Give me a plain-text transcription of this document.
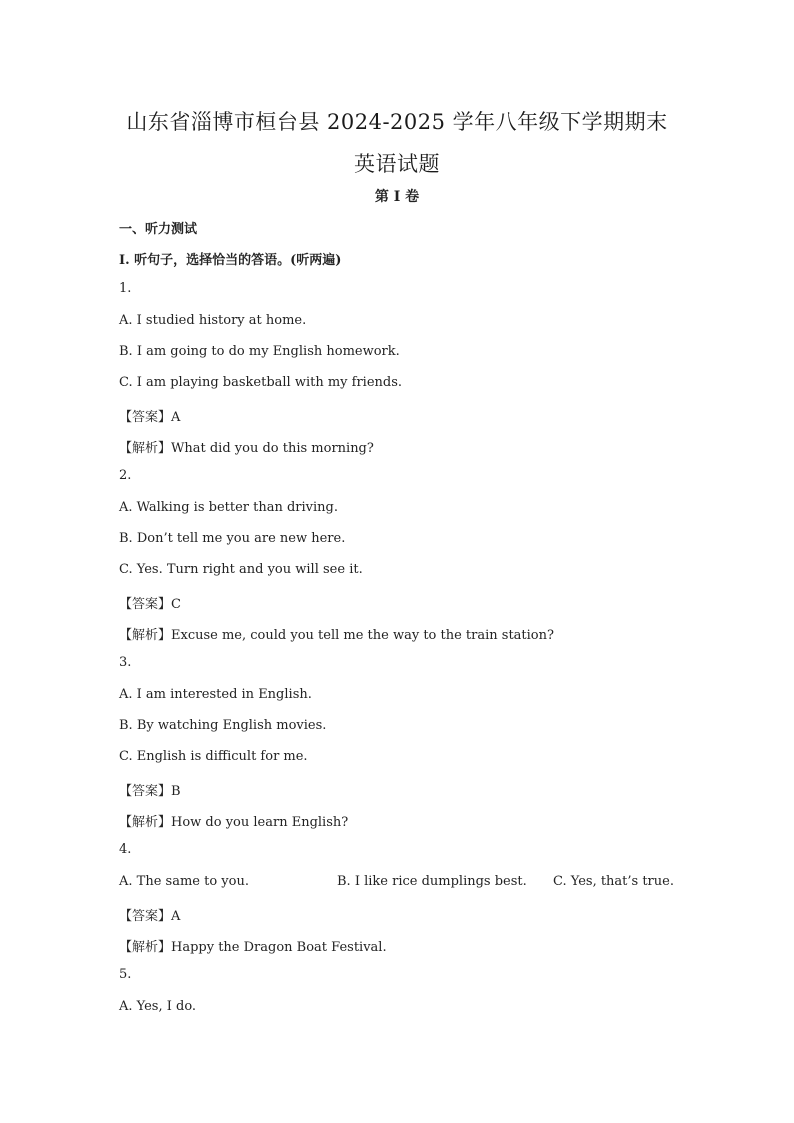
山东省淄博市桓台县 2024-2025 学年八年级下学期期末
英语试题
第 I 卷
一、听力测试
Ⅰ. 听句子，选择恰当的答语。(听两遍)
1.
A. I studied history at home.
B. I am going to do my English homework.
C. I am playing basketball with my friends.
【答案】A
【解析】What did you do this morning?
2.
A. Walking is better than driving.
B. Don’t tell me you are new here.
C. Yes. Turn right and you will see it.
【答案】C
【解析】Excuse me, could you tell me the way to the train station?
3.
A. I am interested in English.
B. By watching English movies.
C. English is difficult for me.
【答案】B
【解析】How do you learn English?
4.
A. The same to you.	B. I like rice dumplings best. C. Yes, that’s true.
【答案】A
【解析】Happy the Dragon Boat Festival.
5.
A. Yes, I do.
